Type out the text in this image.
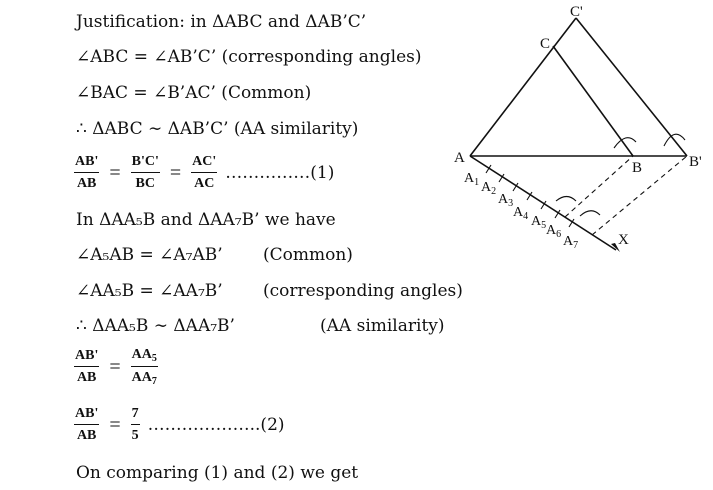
Justification: in ΔABC and ΔAB’C’
∠ABC = ∠AB’C’ (corresponding angles)
∠BAC = ∠B’AC’ (Common)
∴ ΔABC ∼ ΔAB’C’ (AA similarity)
$\frac{AB'}{AB} = \frac{B'C'}{BC} = \frac{AC'}{AC}$ ……………(1)
In ΔAA₅B and ΔAA₇B’ we have
∠A₅AB = ∠A₇AB’ (Common)
∠AA₅B = ∠AA₇B’ (corresponding angles)
∴ ΔAA₅B ∼ ΔAA₇B’	(AA similarity)
$\frac{AB'}{AB} = \frac{AA_5}{AA_7}$
$\frac{AB'}{AB} = \frac{7}{5}$ ………………..(2)
On comparing (1) and (2) we get
A
B	B'
C
C'
X
$A_1$ $A_2$
$A_3$
$A_4$ $A_5$ $A_6$ $A_7$
